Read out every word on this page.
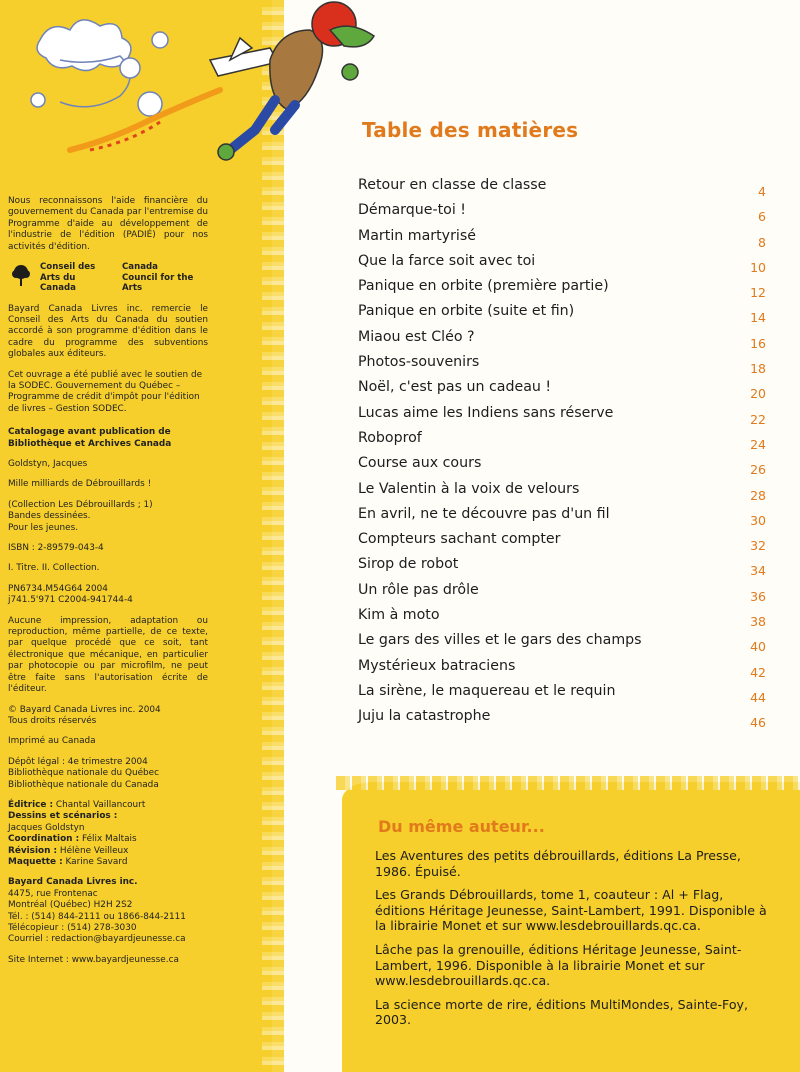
Nous reconnaissons l'aide financière du gouvernement du Canada par l'entremise du Programme d'aide au développement de l'industrie de l'édition (PADIÉ) pour nos activités d'édition.

Conseil des Arts du Canada
Canada Council for the Arts

Bayard Canada Livres inc. remercie le Conseil des Arts du Canada du soutien accordé à son programme d'édition dans le cadre du programme des subventions globales aux éditeurs.

Cet ouvrage a été publié avec le soutien de la SODEC. Gouvernement du Québec – Programme de crédit d'impôt pour l'édition de livres – Gestion SODEC.

Catalogage avant publication de Bibliothèque et Archives Canada

Goldstyn, Jacques

Mille milliards de Débrouillards !

(Collection Les Débrouillards ; 1)

Bandes dessinées.

Pour les jeunes.

ISBN : 2-89579-043-4

I. Titre. II. Collection.

PN6734.M54G64 2004

j741.5'971 C2004-941744-4

Aucune impression, adaptation ou reproduction, même partielle, de ce texte, par quelque procédé que ce soit, tant électronique que mécanique, en particulier par photocopie ou par microfilm, ne peut être faite sans l'autorisation écrite de l'éditeur.

© Bayard Canada Livres inc. 2004

Tous droits réservés

Imprimé au Canada

Dépôt légal : 4e trimestre 2004

Bibliothèque nationale du Québec

Bibliothèque nationale du Canada

Éditrice : Chantal Vaillancourt

Dessins et scénarios :

Jacques Goldstyn

Coordination : Félix Maltais

Révision : Hélène Veilleux

Maquette : Karine Savard

Bayard Canada Livres inc.

4475, rue Frontenac

Montréal (Québec) H2H 2S2

Tél. : (514) 844-2111 ou 1866-844-2111

Télécopieur : (514) 278-3030

Courriel : redaction@bayardjeunesse.ca

Site Internet : www.bayardjeunesse.ca

Table des matières
Retour en classe de classe	4
Démarque-toi !	6
Martin martyrisé	8
Que la farce soit avec toi	10
Panique en orbite (première partie)	12
Panique en orbite (suite et fin)	14
Miaou est Cléo ?	16
Photos-souvenirs	18
Noël, c'est pas un cadeau !	20
Lucas aime les Indiens sans réserve	22
Roboprof	24
Course aux cours	26
Le Valentin à la voix de velours	28
En avril, ne te découvre pas d'un fil	30
Compteurs sachant compter	32
Sirop de robot	34
Un rôle pas drôle	36
Kim à moto	38
Le gars des villes et le gars des champs	40
Mystérieux batraciens	42
La sirène, le maquereau et le requin	44
Juju la catastrophe	46
Du même auteur...

Les Aventures des petits débrouillards, éditions La Presse, 1986. Épuisé.

Les Grands Débrouillards, tome 1, coauteur : Al + Flag, éditions Héritage Jeunesse, Saint-Lambert, 1991. Disponible à la librairie Monet et sur www.lesdebrouillards.qc.ca.

Lâche pas la grenouille, éditions Héritage Jeunesse, Saint-Lambert, 1996. Disponible à la librairie Monet et sur www.lesdebrouillards.qc.ca.

La science morte de rire, éditions MultiMondes, Sainte-Foy, 2003.
